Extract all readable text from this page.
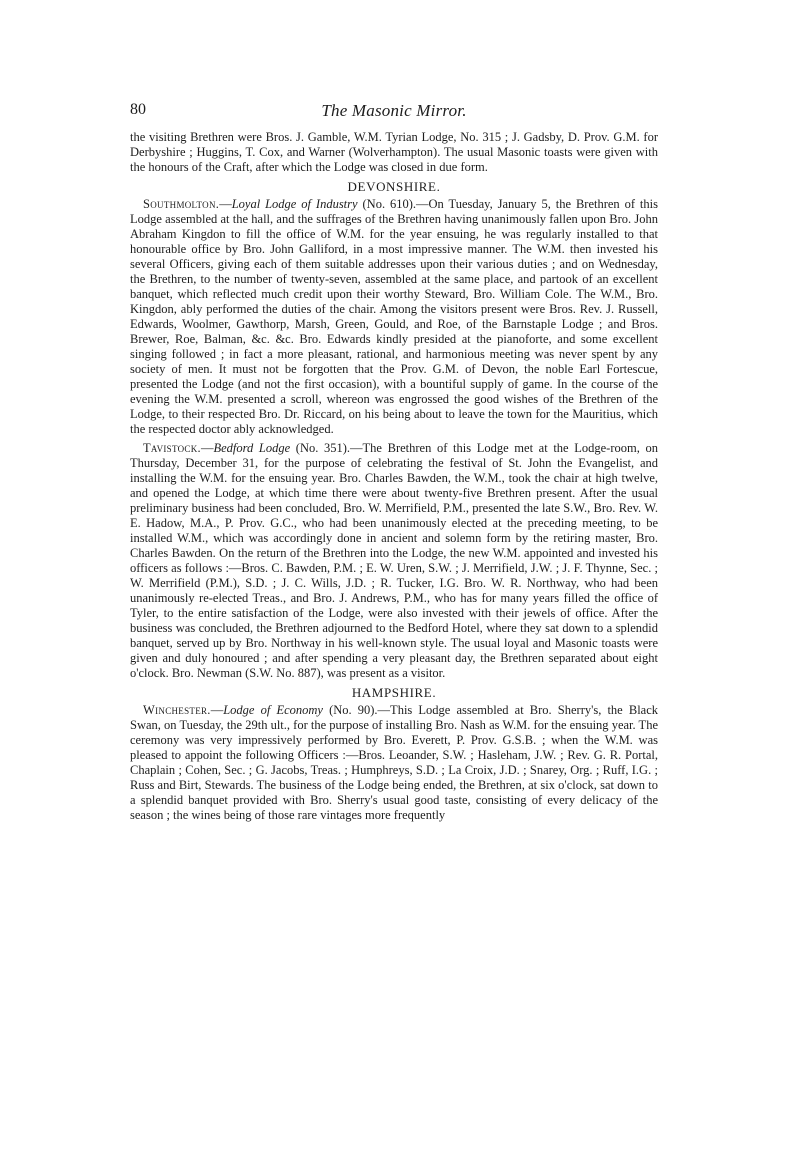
80	The Masonic Mirror.

the visiting Brethren were Bros. J. Gamble, W.M. Tyrian Lodge, No. 315 ; J. Gadsby, D. Prov. G.M. for Derbyshire ; Huggins, T. Cox, and Warner (Wolverhampton). The usual Masonic toasts were given with the honours of the Craft, after which the Lodge was closed in due form.

DEVONSHIRE.

Southmolton.—Loyal Lodge of Industry (No. 610).—On Tuesday, January 5, the Brethren of this Lodge assembled at the hall, and the suffrages of the Brethren having unanimously fallen upon Bro. John Abraham Kingdon to fill the office of W.M. for the year ensuing, he was regularly installed to that honourable office by Bro. John Galliford, in a most impressive manner. The W.M. then invested his several Officers, giving each of them suitable addresses upon their various duties ; and on Wednesday, the Brethren, to the number of twenty-seven, assembled at the same place, and partook of an excellent banquet, which reflected much credit upon their worthy Steward, Bro. William Cole. The W.M., Bro. Kingdon, ably performed the duties of the chair. Among the visitors present were Bros. Rev. J. Russell, Edwards, Woolmer, Gawthorp, Marsh, Green, Gould, and Roe, of the Barnstaple Lodge ; and Bros. Brewer, Roe, Balman, &c. &c. Bro. Edwards kindly presided at the pianoforte, and some excellent singing followed ; in fact a more pleasant, rational, and harmonious meeting was never spent by any society of men. It must not be forgotten that the Prov. G.M. of Devon, the noble Earl Fortescue, presented the Lodge (and not the first occasion), with a bountiful supply of game. In the course of the evening the W.M. presented a scroll, whereon was engrossed the good wishes of the Brethren of the Lodge, to their respected Bro. Dr. Riccard, on his being about to leave the town for the Mauritius, which the respected doctor ably acknowledged.

Tavistock.—Bedford Lodge (No. 351).—The Brethren of this Lodge met at the Lodge-room, on Thursday, December 31, for the purpose of celebrating the festival of St. John the Evangelist, and installing the W.M. for the ensuing year. Bro. Charles Bawden, the W.M., took the chair at high twelve, and opened the Lodge, at which time there were about twenty-five Brethren present. After the usual preliminary business had been concluded, Bro. W. Merrifield, P.M., presented the late S.W., Bro. Rev. W. E. Hadow, M.A., P. Prov. G.C., who had been unanimously elected at the preceding meeting, to be installed W.M., which was accordingly done in ancient and solemn form by the retiring master, Bro. Charles Bawden. On the return of the Brethren into the Lodge, the new W.M. appointed and invested his officers as follows :—Bros. C. Bawden, P.M. ; E. W. Uren, S.W. ; J. Merrifield, J.W. ; J. F. Thynne, Sec. ; W. Merrifield (P.M.), S.D. ; J. C. Wills, J.D. ; R. Tucker, I.G. Bro. W. R. Northway, who had been unanimously re-elected Treas., and Bro. J. Andrews, P.M., who has for many years filled the office of Tyler, to the entire satisfaction of the Lodge, were also invested with their jewels of office. After the business was concluded, the Brethren adjourned to the Bedford Hotel, where they sat down to a splendid banquet, served up by Bro. Northway in his well-known style. The usual loyal and Masonic toasts were given and duly honoured ; and after spending a very pleasant day, the Brethren separated about eight o'clock. Bro. Newman (S.W. No. 887), was present as a visitor.

HAMPSHIRE.

Winchester.—Lodge of Economy (No. 90).—This Lodge assembled at Bro. Sherry's, the Black Swan, on Tuesday, the 29th ult., for the purpose of installing Bro. Nash as W.M. for the ensuing year. The ceremony was very impressively performed by Bro. Everett, P. Prov. G.S.B. ; when the W.M. was pleased to appoint the following Officers :—Bros. Leoander, S.W. ; Hasleham, J.W. ; Rev. G. R. Portal, Chaplain ; Cohen, Sec. ; G. Jacobs, Treas. ; Humphreys, S.D. ; La Croix, J.D. ; Snarey, Org. ; Ruff, I.G. ; Russ and Birt, Stewards. The business of the Lodge being ended, the Brethren, at six o'clock, sat down to a splendid banquet provided with Bro. Sherry's usual good taste, consisting of every delicacy of the season ; the wines being of those rare vintages more frequently
